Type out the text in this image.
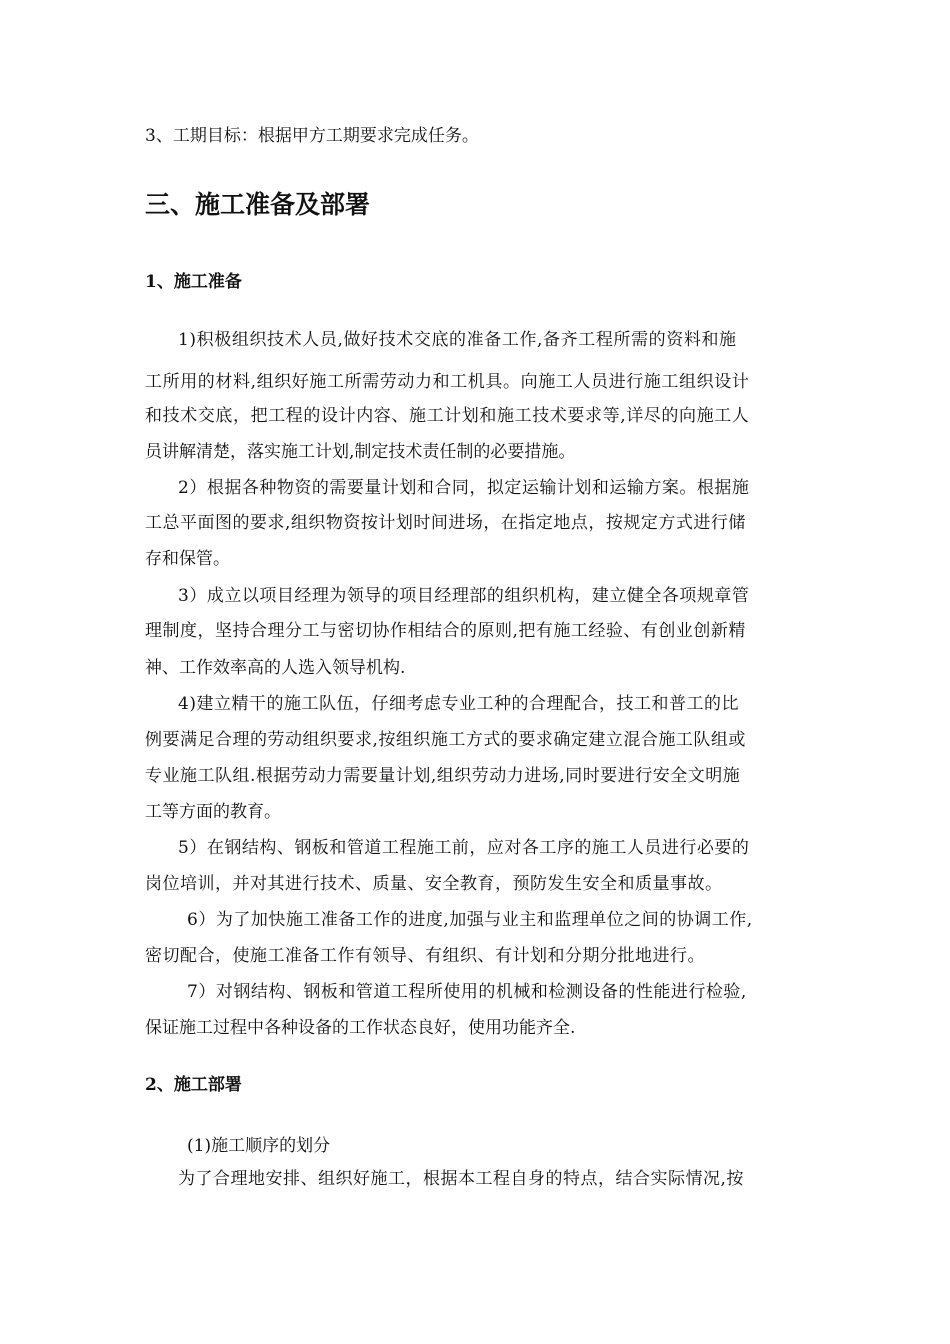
3、工期目标：根据甲方工期要求完成任务。

三、施工准备及部署
1、施工准备

1)积极组织技术人员,做好技术交底的准备工作,备齐工程所需的资料和施

工所用的材料,组织好施工所需劳动力和工机具。向施工人员进行施工组织设计

和技术交底，把工程的设计内容、施工计划和施工技术要求等,详尽的向施工人

员讲解清楚，落实施工计划,制定技术责任制的必要措施。

2）根据各种物资的需要量计划和合同，拟定运输计划和运输方案。根据施

工总平面图的要求,组织物资按计划时间进场，在指定地点，按规定方式进行储

存和保管。

3）成立以项目经理为领导的项目经理部的组织机构，建立健全各项规章管

理制度，坚持合理分工与密切协作相结合的原则,把有施工经验、有创业创新精

神、工作效率高的人选入领导机构.

4)建立精干的施工队伍，仔细考虑专业工种的合理配合，技工和普工的比

例要满足合理的劳动组织要求,按组织施工方式的要求确定建立混合施工队组或

专业施工队组.根据劳动力需要量计划,组织劳动力进场,同时要进行安全文明施

工等方面的教育。

5）在钢结构、钢板和管道工程施工前，应对各工序的施工人员进行必要的

岗位培训，并对其进行技术、质量、安全教育，预防发生安全和质量事故。

6）为了加快施工准备工作的进度,加强与业主和监理单位之间的协调工作,

密切配合，使施工准备工作有领导、有组织、有计划和分期分批地进行。

7）对钢结构、钢板和管道工程所使用的机械和检测设备的性能进行检验,

保证施工过程中各种设备的工作状态良好，使用功能齐全.

2、施工部署

(1)施工顺序的划分

为了合理地安排、组织好施工，根据本工程自身的特点，结合实际情况,按
